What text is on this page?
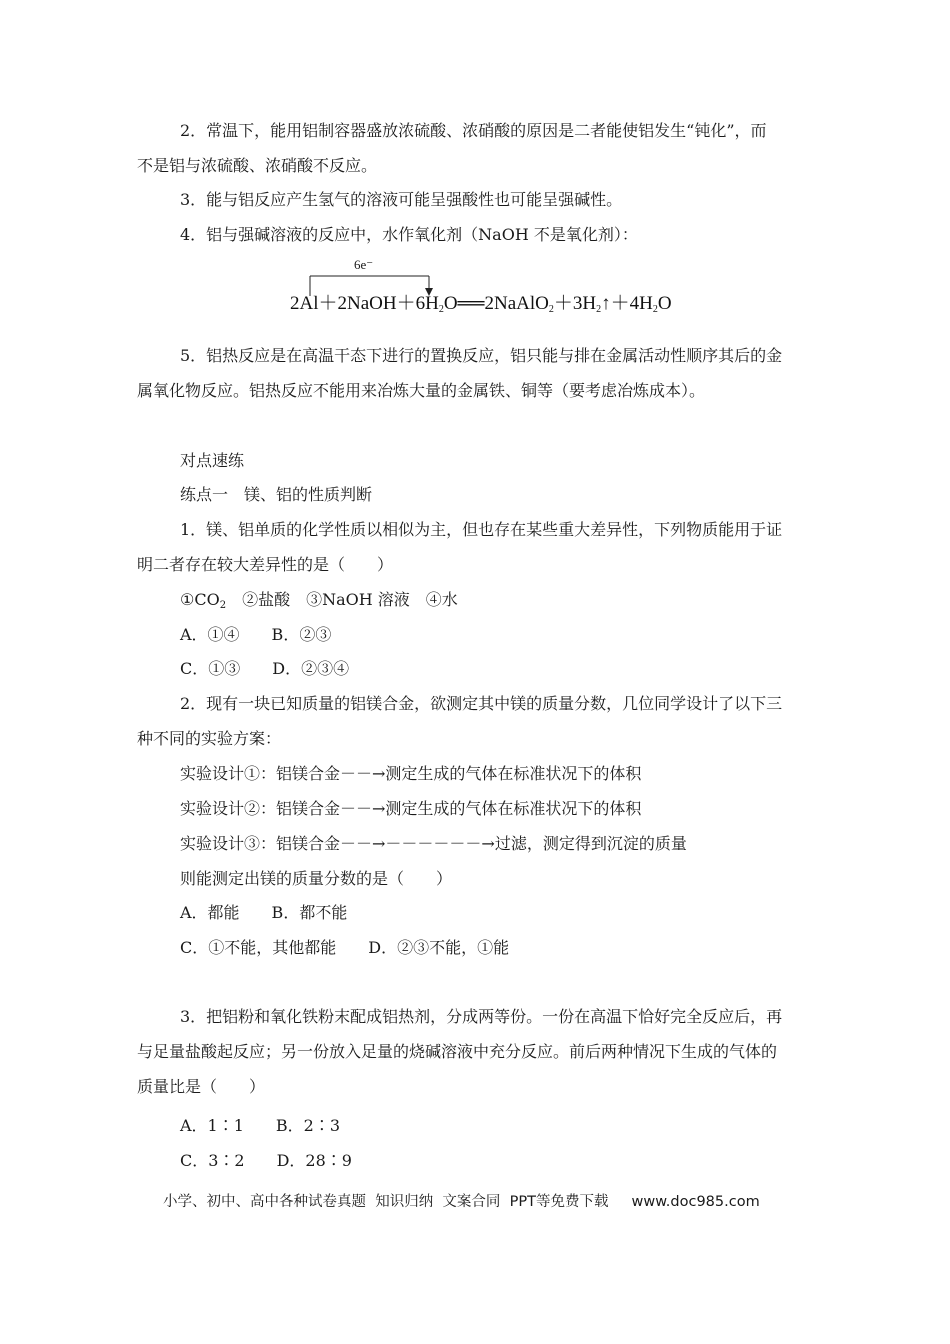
2．常温下，能用铝制容器盛放浓硫酸、浓硝酸的原因是二者能使铝发生“钝化”，而
不是铝与浓硫酸、浓硝酸不反应。
3．能与铝反应产生氢气的溶液可能呈强酸性也可能呈强碱性。
4．铝与强碱溶液的反应中，水作氧化剂（NaOH 不是氧化剂）：
6e⁻
$2Al+2NaOH+6H_2O══2NaAlO_2+3H_2↑+4H_2O$
5．铝热反应是在高温干态下进行的置换反应，铝只能与排在金属活动性顺序其后的金
属氧化物反应。铝热反应不能用来冶炼大量的金属铁、铜等（要考虑冶炼成本）。
对点速练
练点一　镁、铝的性质判断
1．镁、铝单质的化学性质以相似为主，但也存在某些重大差异性，下列物质能用于证
明二者存在较大差异性的是（　　）
$①CO_2$　②盐酸　③NaOH 溶液　④水
A．①④　　B．②③
C．①③　　D．②③④
2．现有一块已知质量的铝镁合金，欲测定其中镁的质量分数，几位同学设计了以下三
种不同的实验方案：
实验设计①：铝镁合金－－→测定生成的气体在标准状况下的体积
实验设计②：铝镁合金－－→测定生成的气体在标准状况下的体积
实验设计③：铝镁合金－－→－－－－－－→过滤，测定得到沉淀的质量
则能测定出镁的质量分数的是（　　）
A．都能　　B．都不能
C．①不能，其他都能　　D．②③不能，①能
3．把铝粉和氧化铁粉末配成铝热剂，分成两等份。一份在高温下恰好完全反应后，再
与足量盐酸起反应；另一份放入足量的烧碱溶液中充分反应。前后两种情况下生成的气体的
质量比是（　　）
A．1∶1　　B．2∶3
C．3∶2　　D．28∶9
小学、初中、高中各种试卷真题  知识归纳  文案合同  PPT等免费下载     www.doc985.com
